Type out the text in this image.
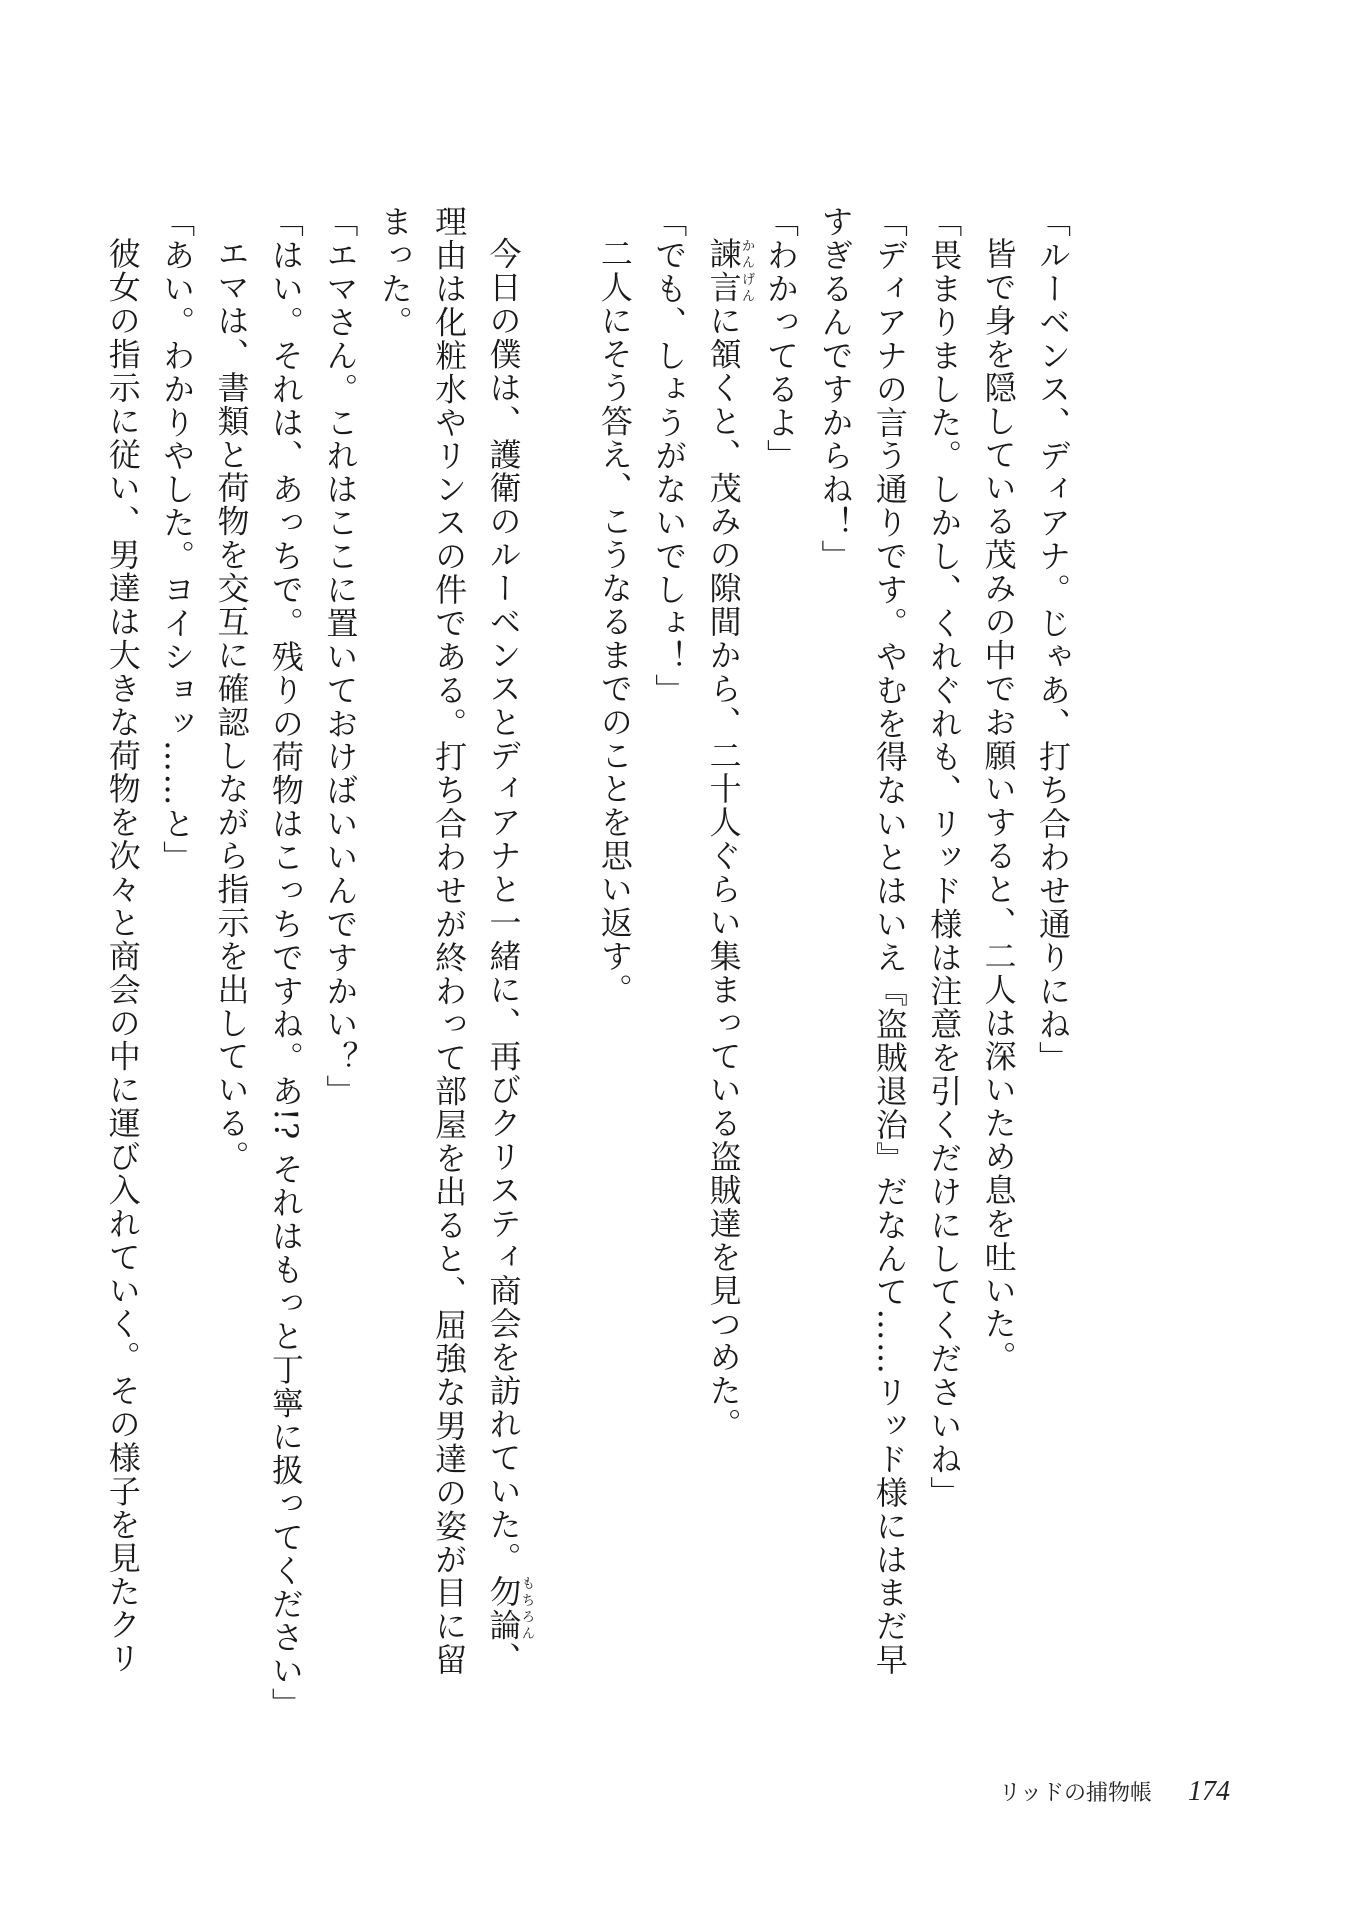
「ルーベンス、ディアナ。じゃあ、打ち合わせ通りにね」

皆で身を隠している茂みの中でお願いすると、二人は深いため息を吐いた。

「畏まりました。しかし、くれぐれも、リッド様は注意を引くだけにしてくださいね」

「ディアナの言う通りです。やむを得ないとはいえ『盗賊退治』だなんて……リッド様にはまだ早すぎるんですからね！」

「わかってるよ」

諫言かんげんに頷くと、茂みの隙間から、二十人ぐらい集まっている盗賊達を見つめた。

「でも、しょうがないでしょ！」

二人にそう答え、こうなるまでのことを思い返す。

今日の僕は、護衛のルーベンスとディアナと一緒に、再びクリスティ商会を訪れていた。勿論もちろん、理由は化粧水やリンスの件である。打ち合わせが終わって部屋を出ると、屈強な男達の姿が目に留まった。

「エマさん。これはここに置いておけばいいんですかい？」

「はい。それは、あっちで。残りの荷物はこっちですね。あ!? それはもっと丁寧に扱ってください」

エマは、書類と荷物を交互に確認しながら指示を出している。

「あい。わかりやした。ヨイショッ……と」

彼女の指示に従い、男達は大きな荷物を次々と商会の中に運び入れていく。その様子を見たクリ

リッドの捕物帳 174
